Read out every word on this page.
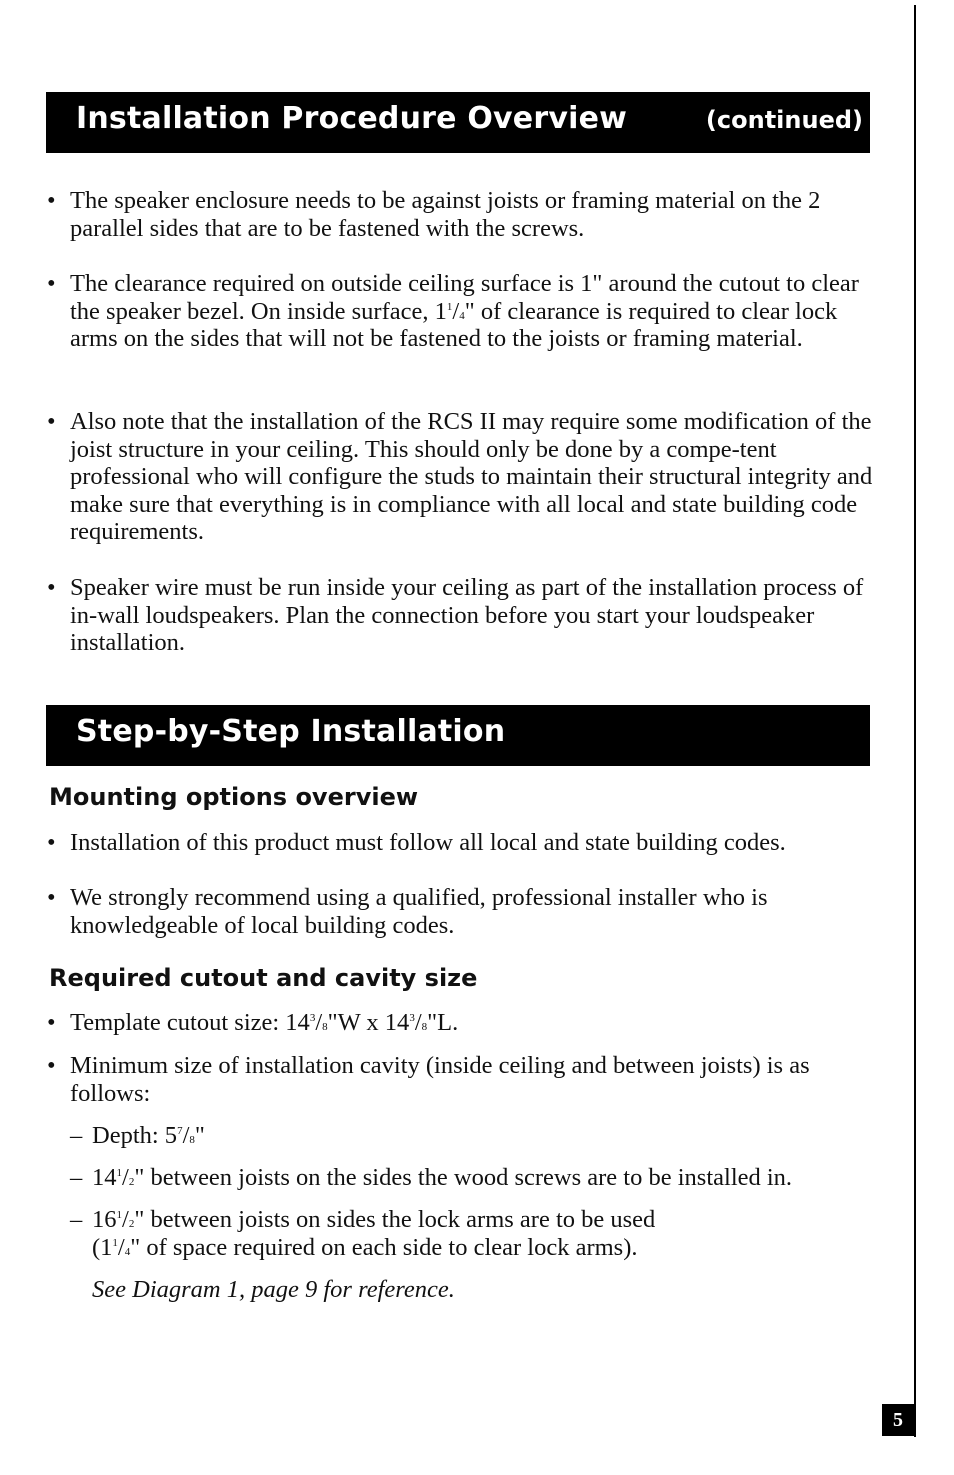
Installation Procedure Overview	(continued)
• The speaker enclosure needs to be against joists or framing material on the 2 parallel sides that are to be fastened with the screws.
• The clearance required on outside ceiling surface is 1" around the cutout to clear the speaker bezel. On inside surface, $1^1/4$" of clearance is required to clear lock arms on the sides that will not be fastened to the joists or framing material.
• Also note that the installation of the RCS II may require some modification of the joist structure in your ceiling. This should only be done by a compe-tent professional who will configure the studs to maintain their structural integrity and make sure that everything is in compliance with all local and state building code requirements.
• Speaker wire must be run inside your ceiling as part of the installation process of in-wall loudspeakers. Plan the connection before you start your loudspeaker installation.
Step-by-Step Installation
Mounting options overview
• Installation of this product must follow all local and state building codes.
• We strongly recommend using a qualified, professional installer who is knowledgeable of local building codes.
Required cutout and cavity size
• Template cutout size: $14^3/8"W$ x $14^3/8"L$.
• Minimum size of installation cavity (inside ceiling and between joists) is as follows:
– Depth: $5^7/8$"
– $14^1/2$" between joists on the sides the wood screws are to be installed in.
– $16^1/2$" between joists on sides the lock arms are to be used
($1^1/4$" of space required on each side to clear lock arms).
See Diagram 1, page 9 for reference.
5
